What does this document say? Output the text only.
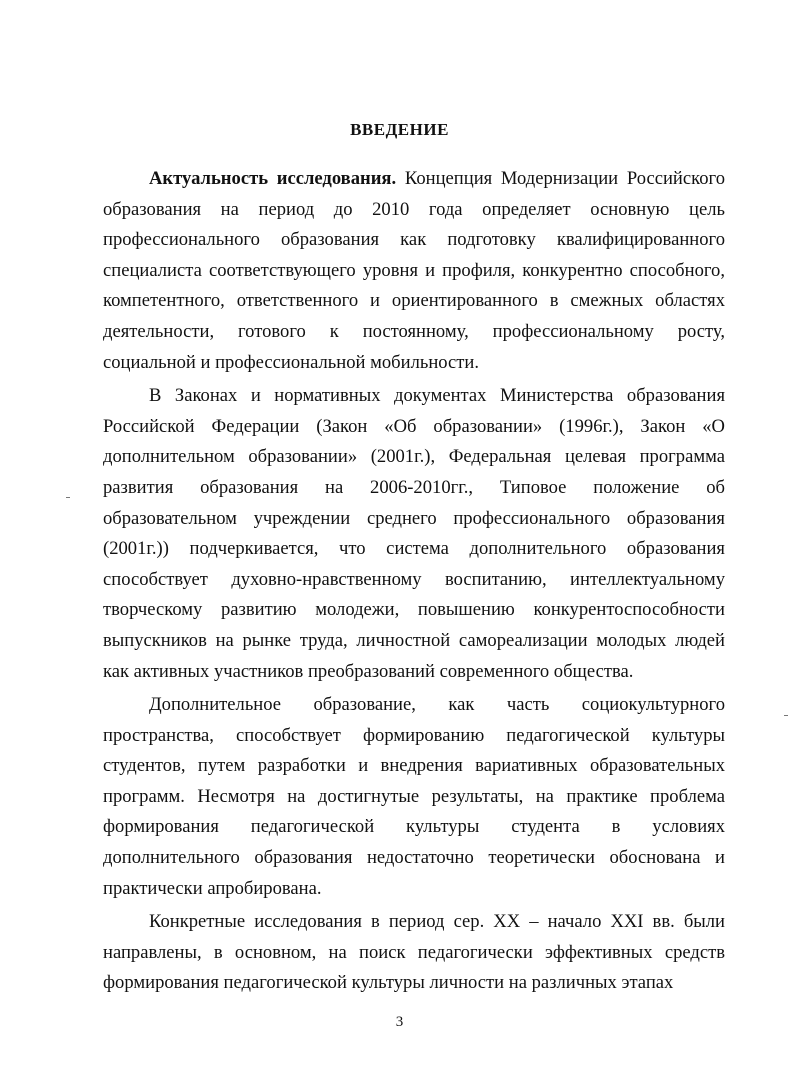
ВВЕДЕНИЕ

Актуальность исследования. Концепция Модернизации Российского образования на период до 2010 года определяет основную цель профессионального образования как подготовку квалифицированного специалиста соответствующего уровня и профиля, конкурентно способного, компетентного, ответственного и ориентированного в смежных областях деятельности, готового к постоянному, профессиональному росту, социальной и профессиональной мобильности.

В Законах и нормативных документах Министерства образования Российской Федерации (Закон «Об образовании» (1996г.), Закон «О дополнительном образовании» (2001г.), Федеральная целевая программа развития образования на 2006-2010гг., Типовое положение об образовательном учреждении среднего профессионального образования (2001г.)) подчеркивается, что система дополнительного образования способствует духовно-нравственному воспитанию, интеллектуальному творческому развитию молодежи, повышению конкурентоспособности выпускников на рынке труда, личностной самореализации молодых людей как активных участников преобразований современного общества.

Дополнительное образование, как часть социокультурного пространства, способствует формированию педагогической культуры студентов, путем разработки и внедрения вариативных образовательных программ. Несмотря на достигнутые результаты, на практике проблема формирования педагогической культуры студента в условиях дополнительного образования недостаточно теоретически обоснована и практически апробирована.

Конкретные исследования в период сер. XX – начало XXI вв. были направлены, в основном, на поиск педагогически эффективных средств формирования педагогической культуры личности на различных этапах

3
